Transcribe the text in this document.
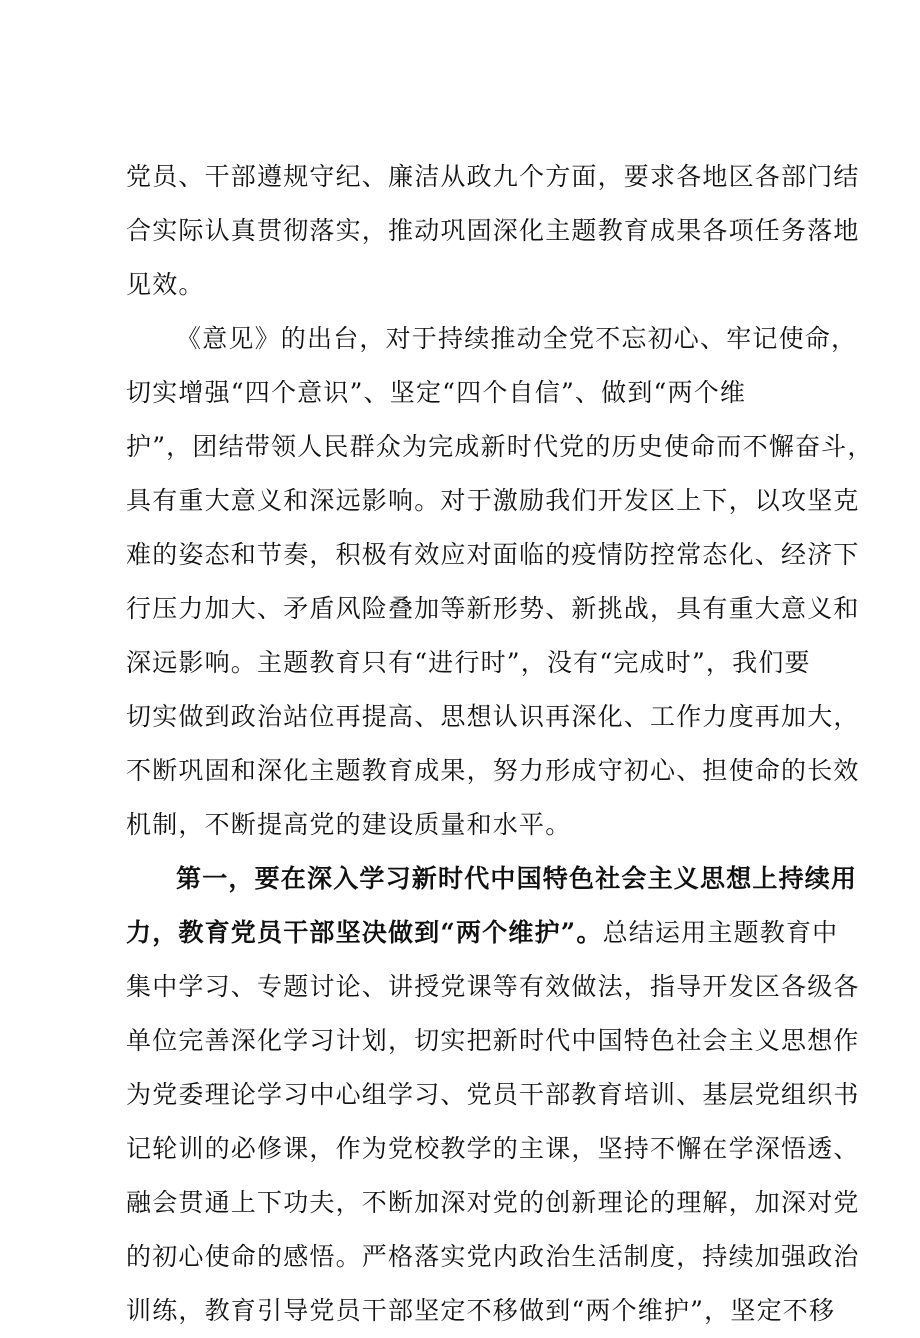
党员、干部遵规守纪、廉洁从政九个方面，要求各地区各部门结
合实际认真贯彻落实，推动巩固深化主题教育成果各项任务落地
见效。
《意见》的出台，对于持续推动全党不忘初心、牢记使命，
切实增强“四个意识”、坚定“四个自信”、做到“两个维
护”，团结带领人民群众为完成新时代党的历史使命而不懈奋斗，
具有重大意义和深远影响。对于激励我们开发区上下，以攻坚克
难的姿态和节奏，积极有效应对面临的疫情防控常态化、经济下
行压力加大、矛盾风险叠加等新形势、新挑战，具有重大意义和
深远影响。主题教育只有“进行时”，没有“完成时”，我们要
切实做到政治站位再提高、思想认识再深化、工作力度再加大，
不断巩固和深化主题教育成果，努力形成守初心、担使命的长效
机制，不断提高党的建设质量和水平。
第一，要在深入学习新时代中国特色社会主义思想上持续用
力，教育党员干部坚决做到“两个维护”。总结运用主题教育中
集中学习、专题讨论、讲授党课等有效做法，指导开发区各级各
单位完善深化学习计划，切实把新时代中国特色社会主义思想作
为党委理论学习中心组学习、党员干部教育培训、基层党组织书
记轮训的必修课，作为党校教学的主课，坚持不懈在学深悟透、
融会贯通上下功夫，不断加深对党的创新理论的理解，加深对党
的初心使命的感悟。严格落实党内政治生活制度，持续加强政治
训练，教育引导党员干部坚定不移做到“两个维护”，坚定不移
